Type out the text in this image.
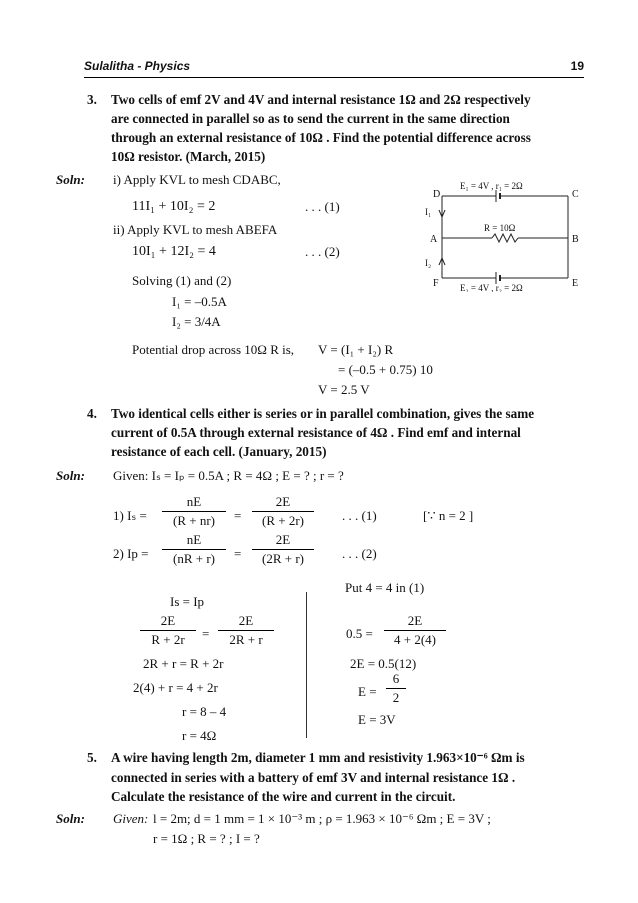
Sulalitha - Physics	19
3. Two cells of emf 2V and 4V and internal resistance 1Ω and 2Ω respectively
are connected in parallel so as to send the current in the same direction
through an external resistance of 10Ω . Find the potential difference across
10Ω resistor. (March, 2015)
Soln: i) Apply KVL to mesh CDABC,
11I₁ + 10I₂ = 2	. . . (1)
ii) Apply KVL to mesh ABEFA
10I₁ + 12I₂ = 4	. . . (2)
Solving (1) and (2)
I₁ = –0.5A
I₂ = 3/4A
Potential drop across 10Ω R is, V = (I₁ + I₂) R
= (–0.5 + 0.75) 10
V = 2.5 V
D	C
A	B
F	E
E₁ = 4V , r₁ = 2Ω
R = 10Ω
E₂ = 4V , r₂ = 2Ω
I₁
I₂
4. Two identical cells either is series or in parallel combination, gives the same
current of 0.5A through external resistance of 4Ω . Find emf and internal
resistance of each cell. (January, 2015)
Soln: Given: Iₛ = Iₚ = 0.5A ; R = 4Ω ; E = ? ; r = ?
1) Iₛ =
nE
(R + nr)	=
2E
(R + 2r)	. . . (1)	[∵ n = 2 ]
2) Ip =
nE
(nR + r)	=
2E
(2R + r)	. . . (2)
Put 4 = 4 in (1)
Is = Ip
2E
R + 2r	=
2E
2R + r
2R + r = R + 2r
2(4) + r = 4 + 2r
r = 8 – 4
r = 4Ω
0.5 =
2E
4 + 2(4)
2E = 0.5(12)
E =
6
2
E = 3V
5. A wire having length 2m, diameter 1 mm and resistivity 1.963×10⁻⁶ Ωm is
connected in series with a battery of emf 3V and internal resistance 1Ω .
Calculate the resistance of the wire and current in the circuit.
Soln: Given: l = 2m; d = 1 mm = 1 × 10⁻³ m ; ρ = 1.963 × 10⁻⁶ Ωm ; E = 3V ;
r = 1Ω ; R = ? ; I = ?
